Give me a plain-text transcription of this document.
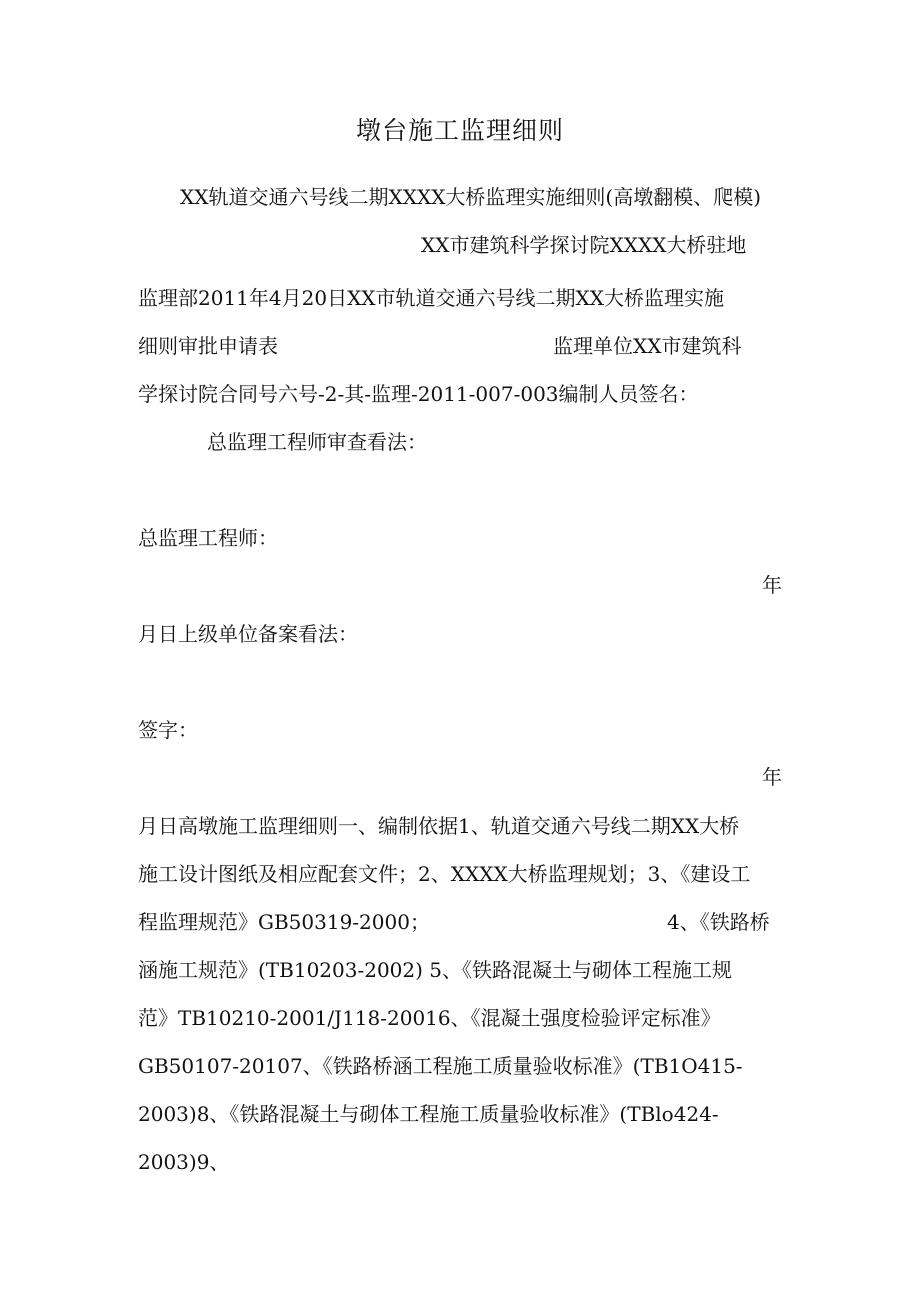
墩台施工监理细则
XX轨道交通六号线二期XXXX大桥监理实施细则(高墩翻模、爬模)
XX市建筑科学探讨院XXXX大桥驻地
监理部2011年4月20日XX市轨道交通六号线二期XX大桥监理实施
细则审批申请表	监理单位XX市建筑科
学探讨院合同号六号-2-其-监理-2011-007-003编制人员签名：
总监理工程师审查看法：
总监理工程师：
年
月日上级单位备案看法：
签字：
年
月日高墩施工监理细则一、编制依据1、轨道交通六号线二期XX大桥
施工设计图纸及相应配套文件；2、XXXX大桥监理规划；3、《建设工
程监理规范》GB50319-2000；	4、《铁路桥
涵施工规范》(TB10203-2002) 5、《铁路混凝土与砌体工程施工规
范》TB10210-2001/J118-20016、《混凝土强度检验评定标准》
GB50107-20107、《铁路桥涵工程施工质量验收标准》(TB1O415-
2003)8、《铁路混凝土与砌体工程施工质量验收标准》(TBlo424-
2003)9、
